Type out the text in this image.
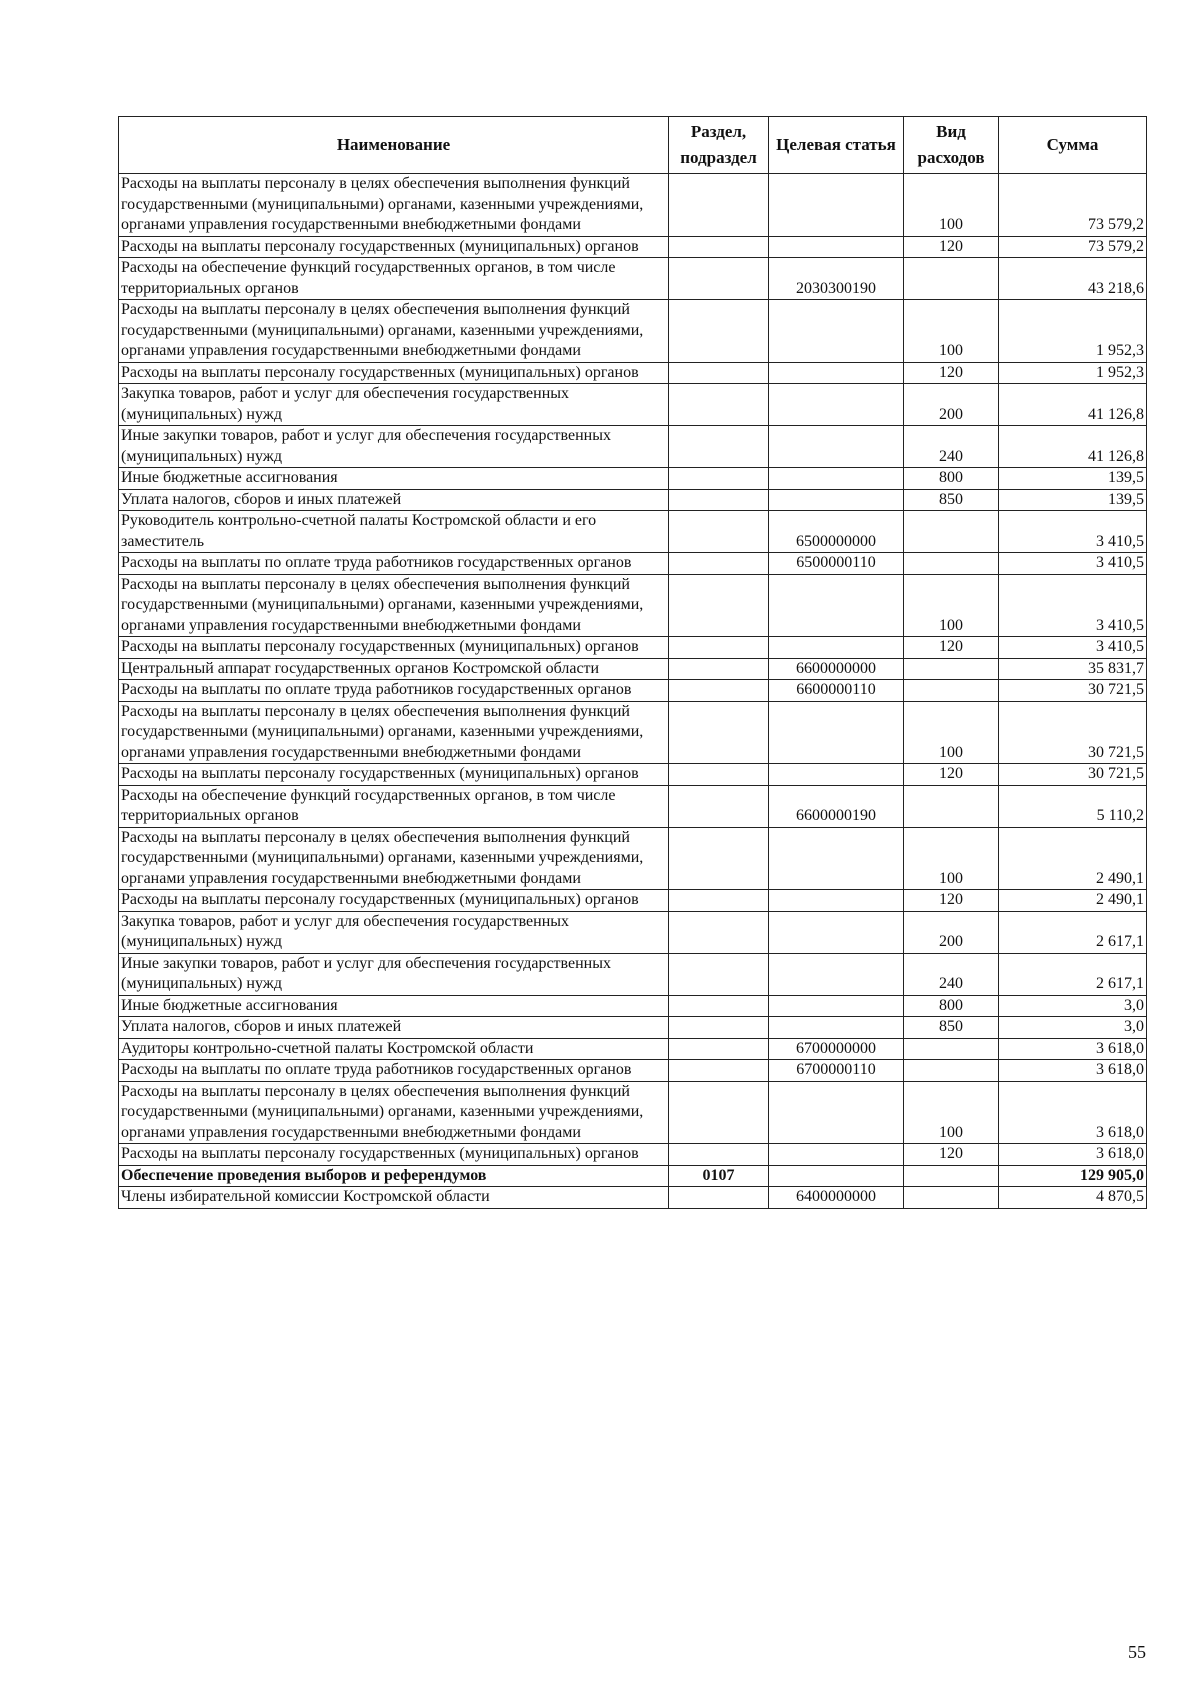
Наименование	Раздел, подраздел	Целевая статья	Вид расходов	Сумма
Расходы на выплаты персоналу в целях обеспечения выполнения функций государственными (муниципальными) органами, казенными учреждениями, органами управления государственными внебюджетными фондами			100	73 579,2
Расходы на выплаты персоналу государственных (муниципальных) органов			120	73 579,2
Расходы на обеспечение функций государственных органов, в том числе территориальных органов		2030300190		43 218,6
Расходы на выплаты персоналу в целях обеспечения выполнения функций государственными (муниципальными) органами, казенными учреждениями, органами управления государственными внебюджетными фондами			100	1 952,3
Расходы на выплаты персоналу государственных (муниципальных) органов			120	1 952,3
Закупка товаров, работ и услуг для обеспечения государственных (муниципальных) нужд			200	41 126,8
Иные закупки товаров, работ и услуг для обеспечения государственных (муниципальных) нужд			240	41 126,8
Иные бюджетные ассигнования			800	139,5
Уплата налогов, сборов и иных платежей			850	139,5
Руководитель контрольно-счетной палаты Костромской области и его заместитель		6500000000		3 410,5
Расходы на выплаты по оплате труда работников государственных органов		6500000110		3 410,5
Расходы на выплаты персоналу в целях обеспечения выполнения функций государственными (муниципальными) органами, казенными учреждениями, органами управления государственными внебюджетными фондами			100	3 410,5
Расходы на выплаты персоналу государственных (муниципальных) органов			120	3 410,5
Центральный аппарат государственных органов Костромской области		6600000000		35 831,7
Расходы на выплаты по оплате труда работников государственных органов		6600000110		30 721,5
Расходы на выплаты персоналу в целях обеспечения выполнения функций государственными (муниципальными) органами, казенными учреждениями, органами управления государственными внебюджетными фондами			100	30 721,5
Расходы на выплаты персоналу государственных (муниципальных) органов			120	30 721,5
Расходы на обеспечение функций государственных органов, в том числе территориальных органов		6600000190		5 110,2
Расходы на выплаты персоналу в целях обеспечения выполнения функций государственными (муниципальными) органами, казенными учреждениями, органами управления государственными внебюджетными фондами			100	2 490,1
Расходы на выплаты персоналу государственных (муниципальных) органов			120	2 490,1
Закупка товаров, работ и услуг для обеспечения государственных (муниципальных) нужд			200	2 617,1
Иные закупки товаров, работ и услуг для обеспечения государственных (муниципальных) нужд			240	2 617,1
Иные бюджетные ассигнования			800	3,0
Уплата налогов, сборов и иных платежей			850	3,0
Аудиторы контрольно-счетной палаты Костромской области		6700000000		3 618,0
Расходы на выплаты по оплате труда работников государственных органов		6700000110		3 618,0
Расходы на выплаты персоналу в целях обеспечения выполнения функций государственными (муниципальными) органами, казенными учреждениями, органами управления государственными внебюджетными фондами			100	3 618,0
Расходы на выплаты персоналу государственных (муниципальных) органов			120	3 618,0
Обеспечение проведения выборов и референдумов	0107			129 905,0
Члены избирательной комиссии Костромской области		6400000000		4 870,5
55
